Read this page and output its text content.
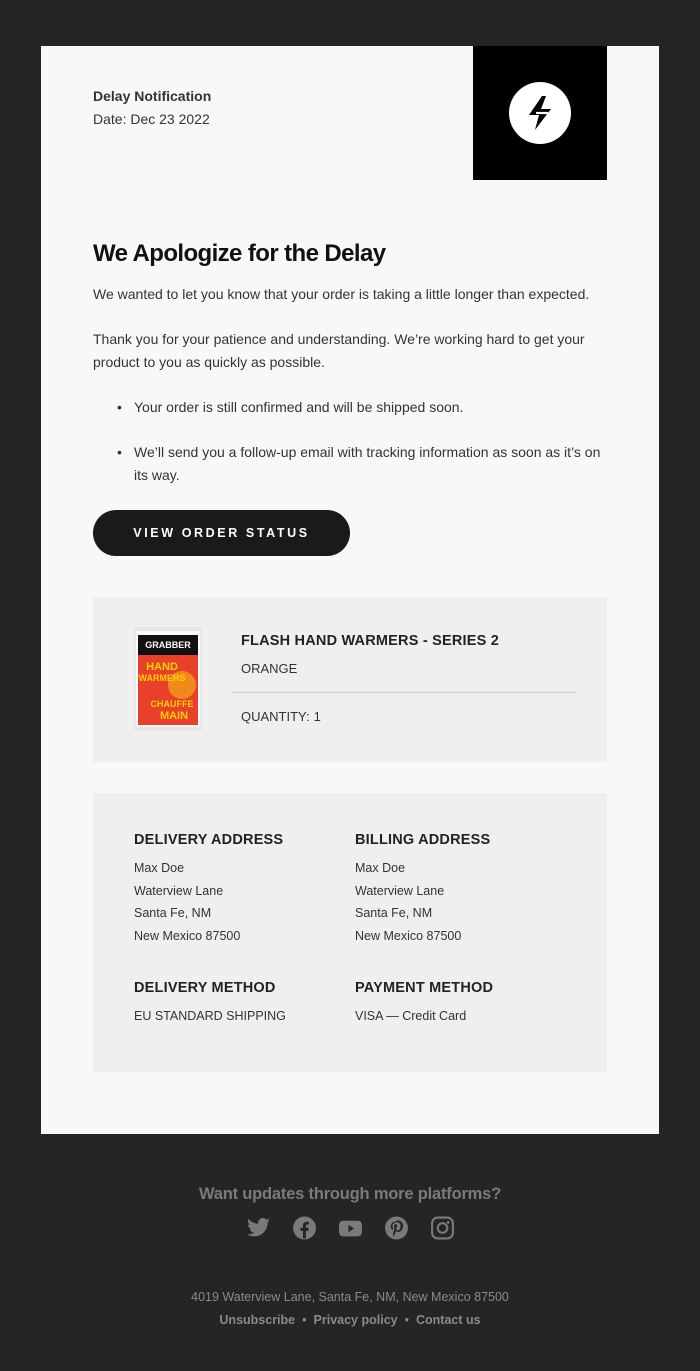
Delay Notification
Date: Dec 23 2022
We Apologize for the Delay
We wanted to let you know that your order is taking a little longer than expected.
Thank you for your patience and understanding. We’re working hard to get your product to you as quickly as possible.
• Your order is still confirmed and will be shipped soon.
• We’ll send you a follow-up email with tracking information as soon as it’s on its way.
VIEW ORDER STATUS
GRABBER
HAND
WARMERS
CHAUFFE
MAIN
FLASH HAND WARMERS - SERIES 2
ORANGE
QUANTITY: 1
DELIVERY ADDRESS
Max Doe
Waterview Lane
Santa Fe, NM
New Mexico 87500
BILLING ADDRESS
Max Doe
Waterview Lane
Santa Fe, NM
New Mexico 87500
DELIVERY METHOD
EU STANDARD SHIPPING
PAYMENT METHOD
VISA — Credit Card
Want updates through more platforms?
4019 Waterview Lane, Santa Fe, NM, New Mexico 87500
Unsubscribe • Privacy policy • Contact us
